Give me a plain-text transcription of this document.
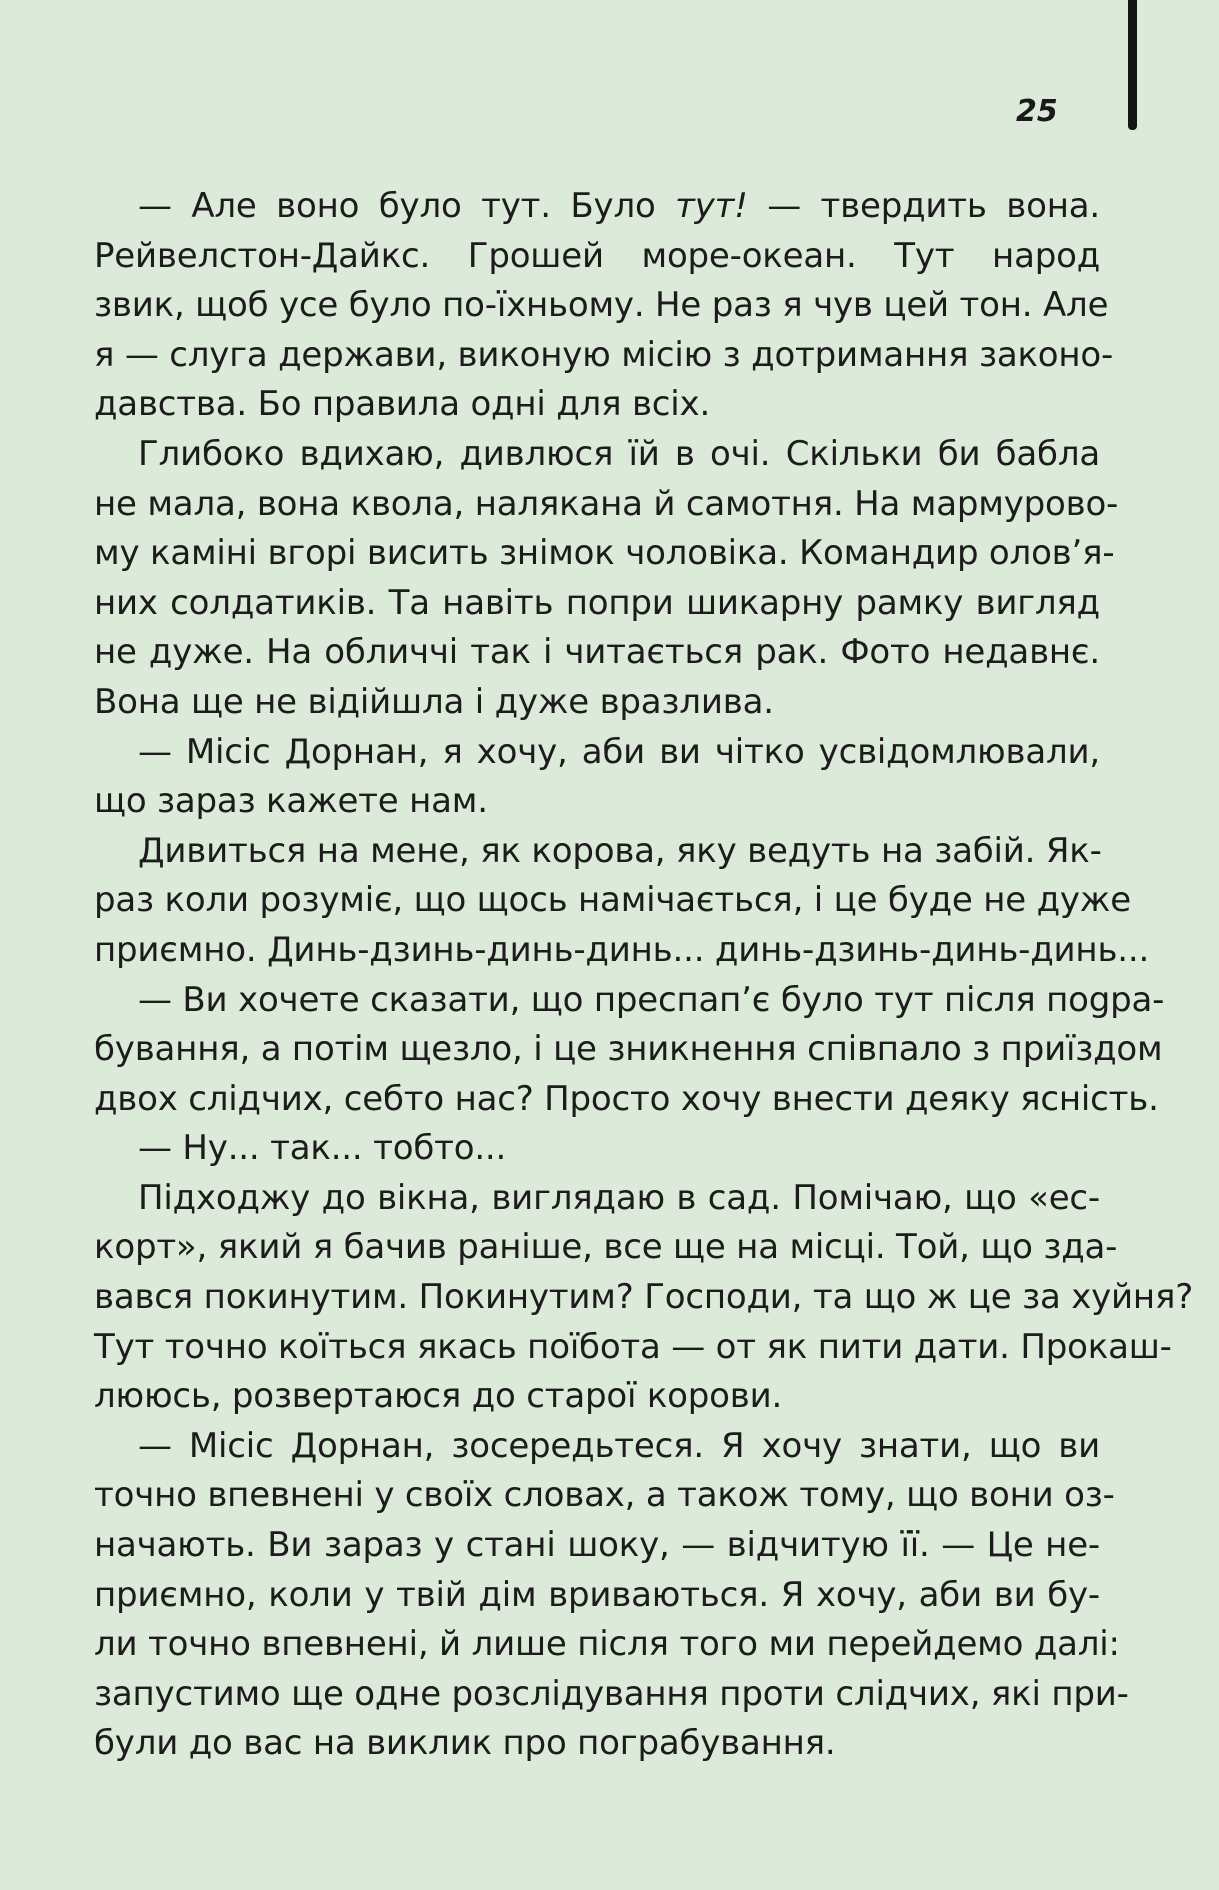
25
— Але воно було тут. Було тут! — твердить вона.
Рейвелстон-Дайкс. Грошей море-океан. Тут народ
звик, щоб усе було по-їхньому. Не раз я чув цей тон. Але
я — слуга держави, виконую місію з дотримання законо-
давства. Бо правила одні для всіх.
Глибоко вдихаю, дивлюся їй в очі. Скільки би бабла
не мала, вона квола, налякана й самотня. На мармурово-
му каміні вгорі висить знімок чоловіка. Командир олов’я-
них солдатиків. Та навіть попри шикарну рамку вигляд
не дуже. На обличчі так і читається рак. Фото недавнє.
Вона ще не відійшла і дуже вразлива.
— Місіс Дорнан, я хочу, аби ви чітко усвідомлювали,
що зараз кажете нам.
Дивиться на мене, як корова, яку ведуть на забій. Як-
раз коли розуміє, що щось намічається, і це буде не дуже
приємно. Динь-дзинь-динь-динь... динь-дзинь-динь-динь...
— Ви хочете сказати, що преспап’є було тут після пogра-
бування, а потім щезло, і це зникнення співпало з приїздом
двох слідчих, себто нас? Просто хочу внести деяку ясність.
— Ну... так... тобто...
Підходжу до вікна, виглядаю в сад. Помічаю, що «ес-
корт», який я бачив раніше, все ще на місці. Той, що зда-
вався покинутим. Покинутим? Господи, та що ж це за хуйня?
Тут точно коїться якась поїбота — от як пити дати. Прокаш-
лююсь, розвертаюся до старої корови.
— Місіс Дорнан, зосередьтеся. Я хочу знати, що ви
точно впевнені у своїх словах, а також тому, що вони оз-
начають. Ви зараз у стані шоку, — відчитую її. — Це не-
приємно, коли у твій дім вриваються. Я хочу, аби ви бу-
ли точно впевнені, й лише після того ми перейдемо далі:
запустимо ще одне розслідування проти слідчих, які при-
були до вас на виклик про пограбування.
